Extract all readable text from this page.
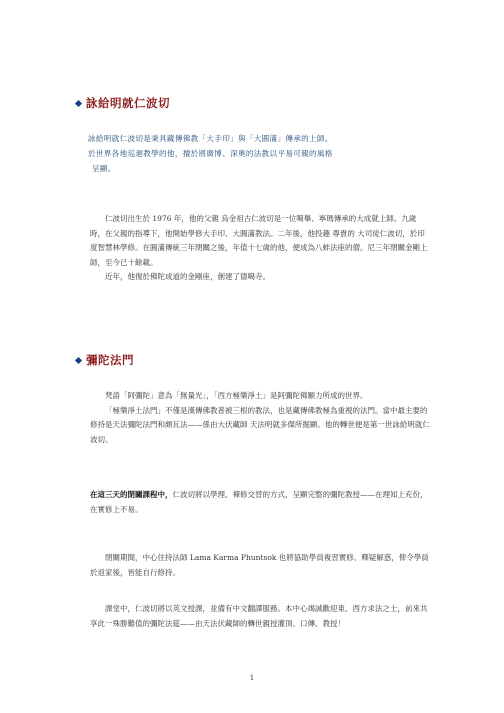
詠給明就仁波切

詠給明就仁波切是秉具藏傳佛教「大手印」與「大圓滿」傳承的上師。

於世界各地巡迴教學的他，擅於將廣博、深奧的法教以平易可親的風格

呈顯。

仁波切出生於 1976 年，他的父親 烏金祖古仁波切是一位噶舉、寧瑪傳承的大成就上師。九歲時，在父親的指導下，他開始學修大手印、大圓滿教法。二年後，他投趣 尊貴的 大司徒仁波切，於印度智慧林學修。在圓滿傳統三年閉關之後，年值十七歲的他，便成為八蚌法座的僧。尼三年閉關金剛上師，至今已十餘載。

近年，他復於佛陀成道的金剛座，創建了德噶寺。

彌陀法門

梵語「阿彌陀」意為「無量光」，「西方極樂淨土」是阿彌陀佛願力所成的世界。

「極樂淨土法門」不僅是漢傳佛教普被三根的教法，也是藏傳佛教極為重視的法門。當中最主要的修持是天法彌陀法門和頗瓦法——係由大伏藏師 天法明就多傑所掘顯。他的轉世便是第一世詠給明就仁波切。

在這三天的閉關課程中，仁波切將以學理、禪修交替的方式，呈顯完整的彌陀教授——在理知上充份，在實修上不易。

閉關期間，中心住持法師 Lama Karma Phuntsok 也將協助學員複習實修、釋疑解惑，俾令學員於返家後，皆能自行修持。

課堂中，仁波切將以英文授課，並備有中文翻譯服務。本中心竭誠歡迎東、西方求法之士，前來共享此一殊勝難值的彌陀法筵——由天法伏藏師的轉世親授灌頂、口傳、教授！

1
